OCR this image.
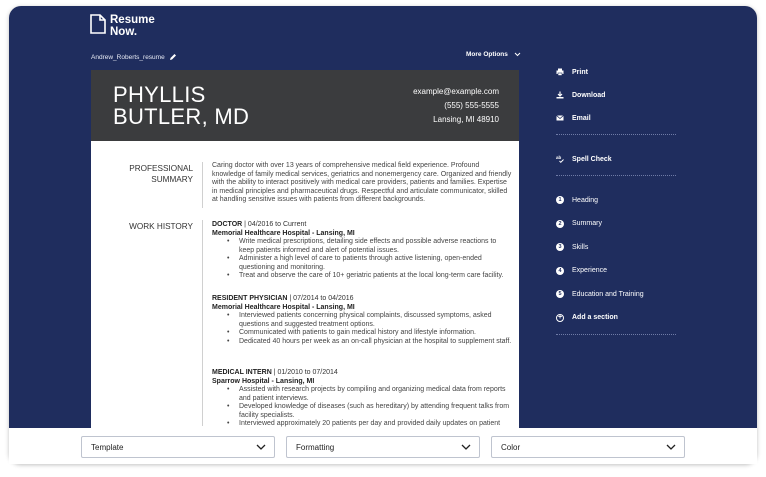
Resume
Now.
Andrew_Roberts_resume	More Options
PHYLLIS
BUTLER, MD
example@example.com
(555) 555-5555
Lansing, MI 48910
PROFESSIONAL
SUMMARY
Caring doctor with over 13 years of comprehensive medical field experience. Profound knowledge of family medical services, geriatrics and nonemergency care. Organized and friendly with the ability to interact positively with medical care providers, patients and families. Expertise in medical principles and pharmaceutical drugs. Respectful and articulate communicator, skilled at handling sensitive issues with patients from different backgrounds.
WORK HISTORY	DOCTOR | 04/2016 to Current
Memorial Healthcare Hospital - Lansing, MI
• Write medical prescriptions, detailing side effects and possible adverse reactions to keep patients informed and alert of potential issues.
• Administer a high level of care to patients through active listening, open-ended questioning and monitoring.
• Treat and observe the care of 10+ geriatric patients at the local long-term care facility.
RESIDENT PHYSICIAN | 07/2014 to 04/2016
Memorial Healthcare Hospital - Lansing, MI
• Interviewed patients concerning physical complaints, discussed symptoms, asked questions and suggested treatment options.
• Communicated with patients to gain medical history and lifestyle information.
• Dedicated 40 hours per week as an on-call physician at the hospital to supplement staff.
MEDICAL INTERN | 01/2010 to 07/2014
Sparrow Hospital - Lansing, MI
• Assisted with research projects by compiling and organizing medical data from reports and patient interviews.
• Developed knowledge of diseases (such as hereditary) by attending frequent talks from facility specialists.
• Interviewed approximately 20 patients per day and provided daily updates on patient
Print
Download
Email
ab Spell Check
1	Heading
2	Summary
3	Skills
4	Experience
5	Education and Training
+ Add a section
Template	Formatting	Color
